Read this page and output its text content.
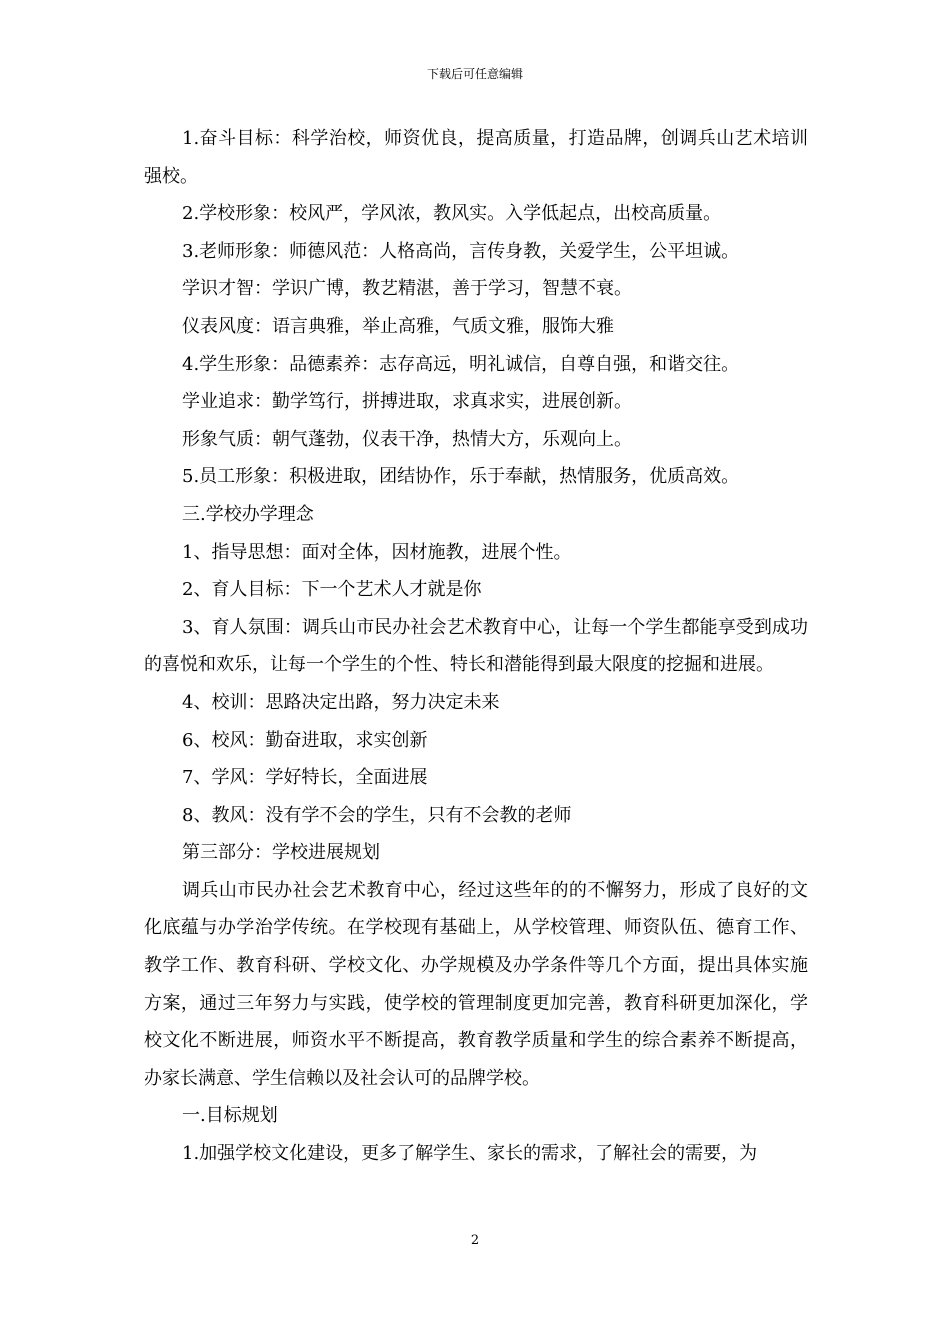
下载后可任意编辑

1.奋斗目标：科学治校，师资优良，提高质量，打造品牌，创调兵山艺术培训强校。

2.学校形象：校风严，学风浓，教风实。入学低起点，出校高质量。

3.老师形象：师德风范：人格高尚，言传身教，关爱学生，公平坦诚。

学识才智：学识广博，教艺精湛，善于学习，智慧不衰。

仪表风度：语言典雅，举止高雅，气质文雅，服饰大雅

4.学生形象：品德素养：志存高远，明礼诚信，自尊自强，和谐交往。

学业追求：勤学笃行，拼搏进取，求真求实，进展创新。

形象气质：朝气蓬勃，仪表干净，热情大方，乐观向上。

5.员工形象：积极进取，团结协作，乐于奉献，热情服务，优质高效。

三.学校办学理念

1、指导思想：面对全体，因材施教，进展个性。

2、育人目标：下一个艺术人才就是你

3、育人氛围：调兵山市民办社会艺术教育中心，让每一个学生都能享受到成功的喜悦和欢乐，让每一个学生的个性、特长和潜能得到最大限度的挖掘和进展。

4、校训：思路决定出路，努力决定未来

6、校风：勤奋进取，求实创新

7、学风：学好特长，全面进展

8、教风：没有学不会的学生，只有不会教的老师

第三部分：学校进展规划

调兵山市民办社会艺术教育中心，经过这些年的的不懈努力，形成了良好的文化底蕴与办学治学传统。在学校现有基础上，从学校管理、师资队伍、德育工作、教学工作、教育科研、学校文化、办学规模及办学条件等几个方面，提出具体实施方案，通过三年努力与实践，使学校的管理制度更加完善，教育科研更加深化，学校文化不断进展，师资水平不断提高，教育教学质量和学生的综合素养不断提高，办家长满意、学生信赖以及社会认可的品牌学校。

一.目标规划

1.加强学校文化建设，更多了解学生、家长的需求，了解社会的需要，为

2
